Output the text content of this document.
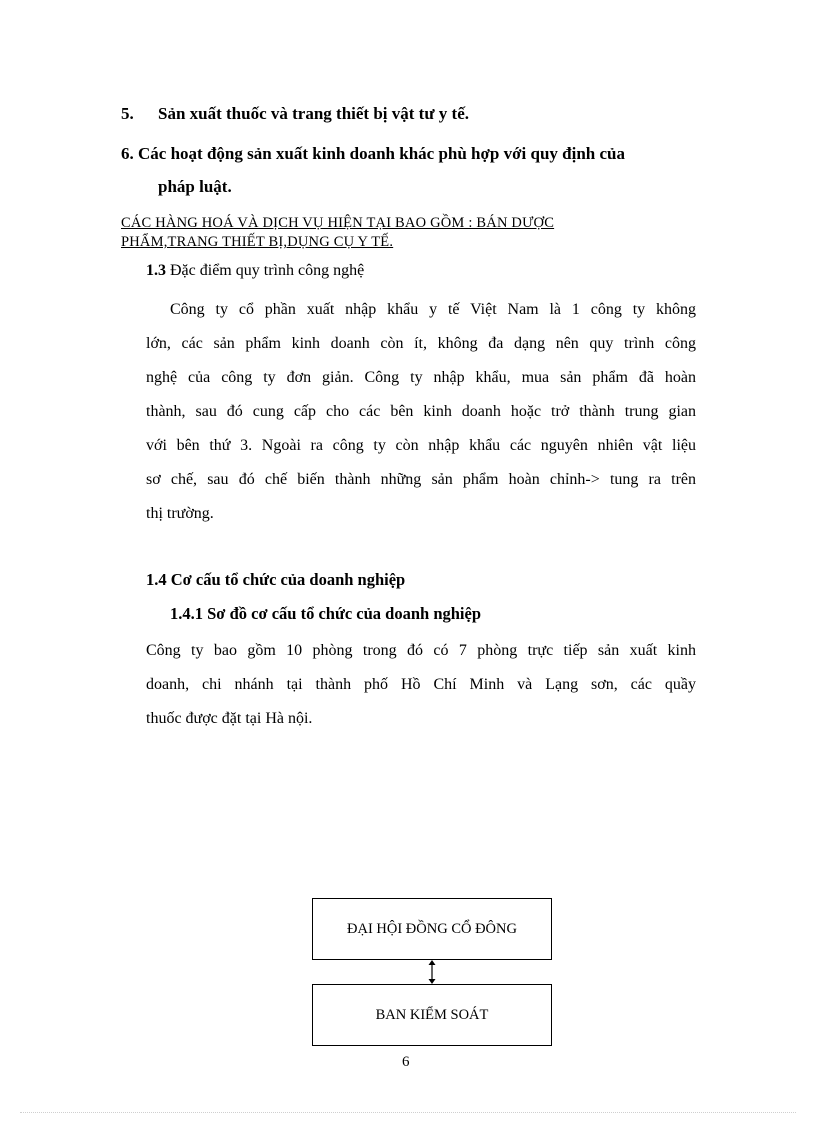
5. Sản xuất thuốc và trang thiết bị vật tư y tế.
6. Các hoạt động sản xuất kinh doanh khác phù hợp với quy định của
pháp luật.
CÁC HÀNG HOÁ VÀ DỊCH VỤ HIỆN TẠI BAO GỒM : BÁN DƯỢC
PHẨM,TRANG THIẾT BỊ,DỤNG CỤ Y TẾ.
1.3 Đặc điểm quy trình công nghệ
Công ty cổ phần xuất nhập khẩu y tế Việt Nam là 1 công ty không
lớn, các sản phẩm kinh doanh còn ít, không đa dạng nên quy trình công
nghệ của công ty đơn giản. Công ty nhập khẩu, mua sản phẩm đã hoàn
thành, sau đó cung cấp cho các bên kinh doanh hoặc trở thành trung gian
với bên thứ 3. Ngoài ra công ty còn nhập khẩu các nguyên nhiên vật liệu
sơ chế, sau đó chế biến thành những sản phẩm hoàn chỉnh-> tung ra trên
thị trường.
1.4 Cơ cấu tổ chức của doanh nghiệp
1.4.1 Sơ đồ cơ cấu tổ chức của doanh nghiệp
Công ty bao gồm 10 phòng trong đó có 7 phòng trực tiếp sản xuất kinh
doanh, chi nhánh tại thành phố Hồ Chí Minh và Lạng sơn, các quầy
thuốc được đặt tại Hà nội.
ĐẠI HỘI ĐỒNG CỔ ĐÔNG
BAN KIỂM SOÁT
6
